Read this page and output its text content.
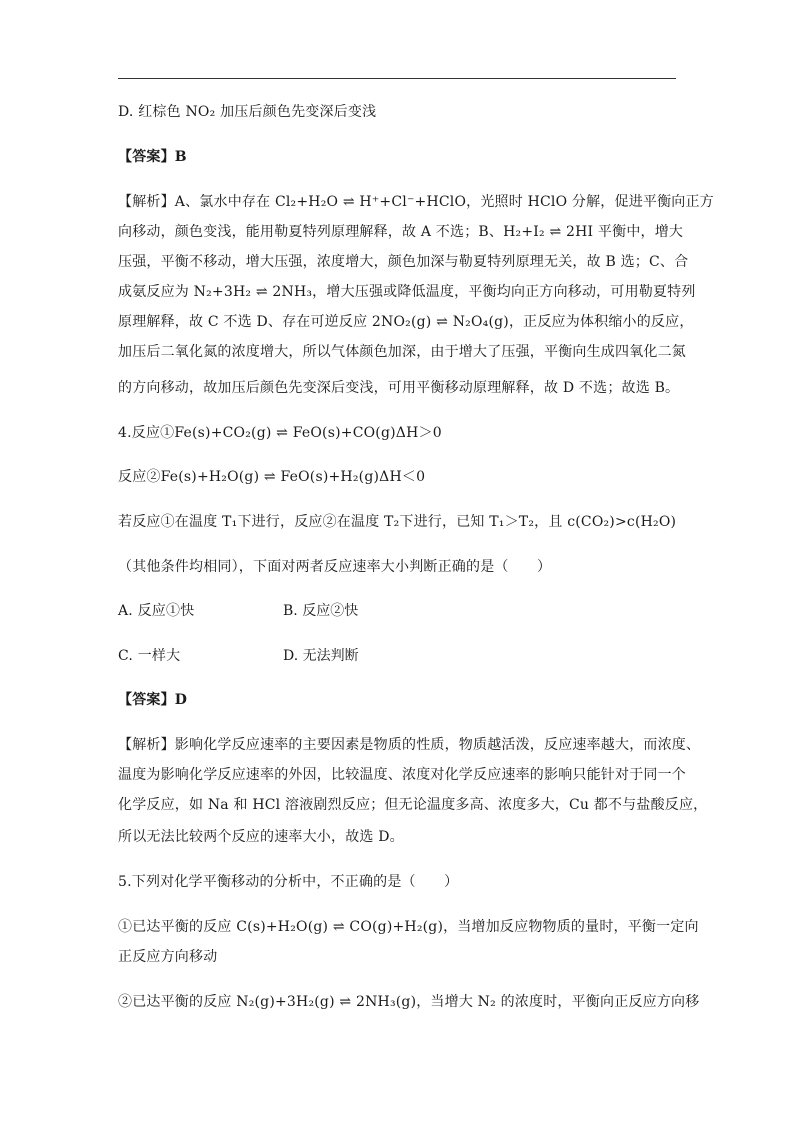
D. 红棕色 NO₂ 加压后颜色先变深后变浅
【答案】B
【解析】A、氯水中存在 Cl₂+H₂O ⇌ H⁺+Cl⁻+HClO，光照时 HClO 分解，促进平衡向正方
向移动，颜色变浅，能用勒夏特列原理解释，故 A 不选；B、H₂+I₂ ⇌ 2HI 平衡中，增大
压强，平衡不移动，增大压强，浓度增大，颜色加深与勒夏特列原理无关，故 B 选；C、合
成氨反应为 N₂+3H₂ ⇌ 2NH₃，增大压强或降低温度，平衡均向正方向移动，可用勒夏特列
原理解释，故 C 不选 D、存在可逆反应 2NO₂(g) ⇌ N₂O₄(g)，正反应为体积缩小的反应，
加压后二氧化氮的浓度增大，所以气体颜色加深，由于增大了压强，平衡向生成四氧化二氮
的方向移动，故加压后颜色先变深后变浅，可用平衡移动原理解释，故 D 不选；故选 B。
4.反应①Fe(s)+CO₂(g) ⇌ FeO(s)+CO(g)ΔH＞0
反应②Fe(s)+H₂O(g) ⇌ FeO(s)+H₂(g)ΔH＜0
若反应①在温度 T₁下进行，反应②在温度 T₂下进行，已知 T₁＞T₂，且 c(CO₂)>c(H₂O)
（其他条件均相同），下面对两者反应速率大小判断正确的是（　　）
A. 反应①快	B. 反应②快
C. 一样大	D. 无法判断
【答案】D
【解析】影响化学反应速率的主要因素是物质的性质，物质越活泼，反应速率越大，而浓度、
温度为影响化学反应速率的外因，比较温度、浓度对化学反应速率的影响只能针对于同一个
化学反应，如 Na 和 HCl 溶液剧烈反应；但无论温度多高、浓度多大，Cu 都不与盐酸反应，
所以无法比较两个反应的速率大小，故选 D。
5.下列对化学平衡移动的分析中，不正确的是（　　）
①已达平衡的反应 C(s)+H₂O(g) ⇌ CO(g)+H₂(g)，当增加反应物物质的量时，平衡一定向
正反应方向移动
②已达平衡的反应 N₂(g)+3H₂(g) ⇌ 2NH₃(g)，当增大 N₂ 的浓度时，平衡向正反应方向移
